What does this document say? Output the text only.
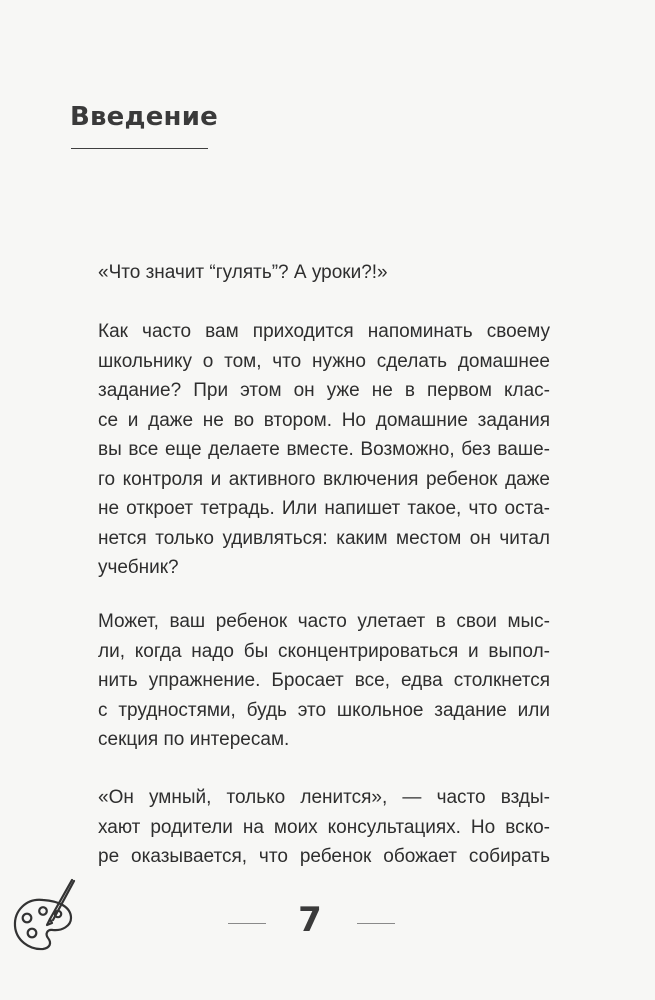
Введение

«Что значит “гулять”? А уроки?!»

Как часто вам приходится напоминать своему
школьнику о том, что нужно сделать домашнее
задание? При этом он уже не в первом клас-
се и даже не во втором. Но домашние задания
вы все еще делаете вместе. Возможно, без ваше-
го контроля и активного включения ребенок даже
не откроет тетрадь. Или напишет такое, что оста-
нется только удивляться: каким местом он читал
учебник?

Может, ваш ребенок часто улетает в свои мыс-
ли, когда надо бы сконцентрироваться и выпол-
нить упражнение. Бросает все, едва столкнется
с трудностями, будь это школьное задание или
секция по интересам.

«Он умный, только ленится», — часто взды-
хают родители на моих консультациях. Но вско-
ре оказывается, что ребенок обожает собирать

7
